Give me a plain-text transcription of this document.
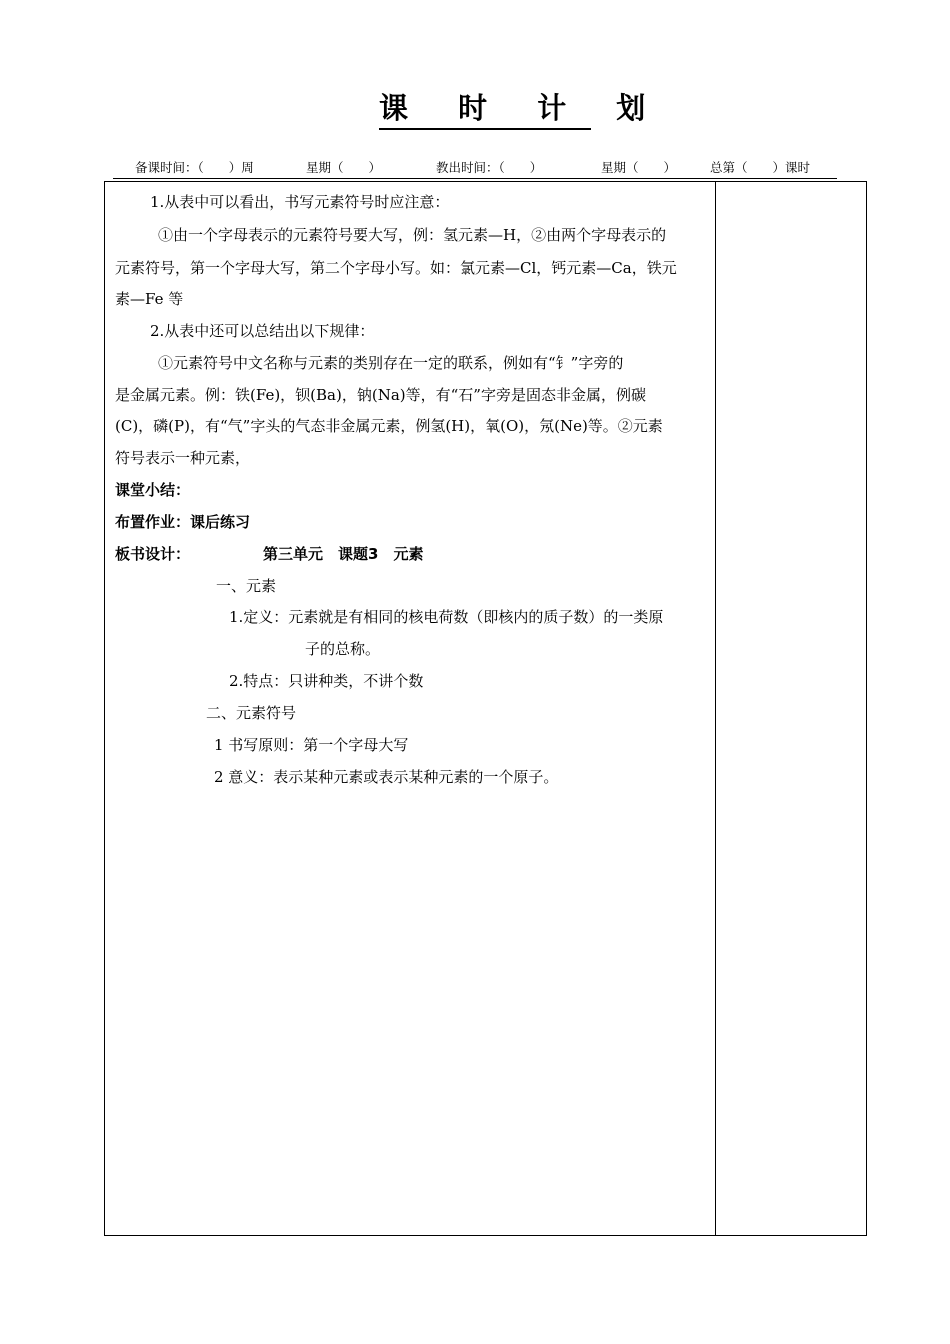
课 时 计 划
备课时间：（　　）周	星期（　　）	教出时间：（　　）	星期（　　）	总第（　　）课时
1.从表中可以看出，书写元素符号时应注意：
①由一个字母表示的元素符号要大写，例：氢元素—H，②由两个字母表示的
元素符号，第一个字母大写，第二个字母小写。如：氯元素—Cl，钙元素—Ca，铁元
素—Fe 等
2.从表中还可以总结出以下规律：
①元素符号中文名称与元素的类别存在一定的联系，例如有“钅”字旁的
是金属元素。例：铁(Fe)，钡(Ba)，钠(Na)等，有“石”字旁是固态非金属，例碳
(C)，磷(P)，有“气”字头的气态非金属元素，例氢(H)，氧(O)，氖(Ne)等。②元素
符号表示一种元素，
课堂小结：
布置作业：课后练习
板书设计：	第三单元　课题3　元素
一、元素
1.定义：元素就是有相同的核电荷数（即核内的质子数）的一类原
子的总称。
2.特点：只讲种类，不讲个数
二、元素符号
1 书写原则：第一个字母大写
2 意义：表示某种元素或表示某种元素的一个原子。
